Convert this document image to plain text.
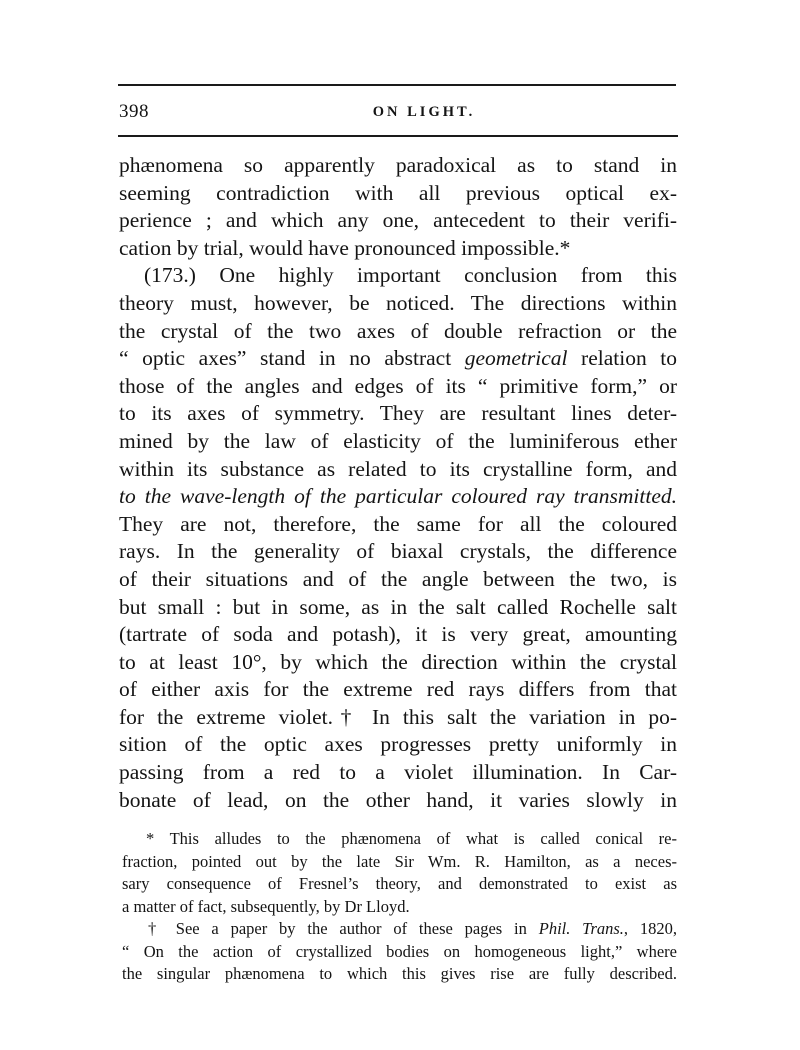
398	ON LIGHT.
phænomena so apparently paradoxical as to stand in
seeming contradiction with all previous optical ex-
perience ; and which any one, antecedent to their verifi-
cation by trial, would have pronounced impossible.*
(173.) One highly important conclusion from this
theory must, however, be noticed. The directions within
the crystal of the two axes of double refraction or the
“ optic axes” stand in no abstract geometrical relation to
those of the angles and edges of its “ primitive form,” or
to its axes of symmetry. They are resultant lines deter-
mined by the law of elasticity of the luminiferous ether
within its substance as related to its crystalline form, and
to the wave-length of the particular coloured ray transmitted.
They are not, therefore, the same for all the coloured
rays. In the generality of biaxal crystals, the difference
of their situations and of the angle between the two, is
but small : but in some, as in the salt called Rochelle salt
(tartrate of soda and potash), it is very great, amounting
to at least 10°, by which the direction within the crystal
of either axis for the extreme red rays differs from that
for the extreme violet.† In this salt the variation in po-
sition of the optic axes progresses pretty uniformly in
passing from a red to a violet illumination. In Car-
bonate of lead, on the other hand, it varies slowly in
* This alludes to the phænomena of what is called conical re-
fraction, pointed out by the late Sir Wm. R. Hamilton, as a neces-
sary consequence of Fresnel’s theory, and demonstrated to exist as
a matter of fact, subsequently, by Dr Lloyd.
† See a paper by the author of these pages in Phil. Trans., 1820,
“ On the action of crystallized bodies on homogeneous light,” where
the singular phænomena to which this gives rise are fully described.
